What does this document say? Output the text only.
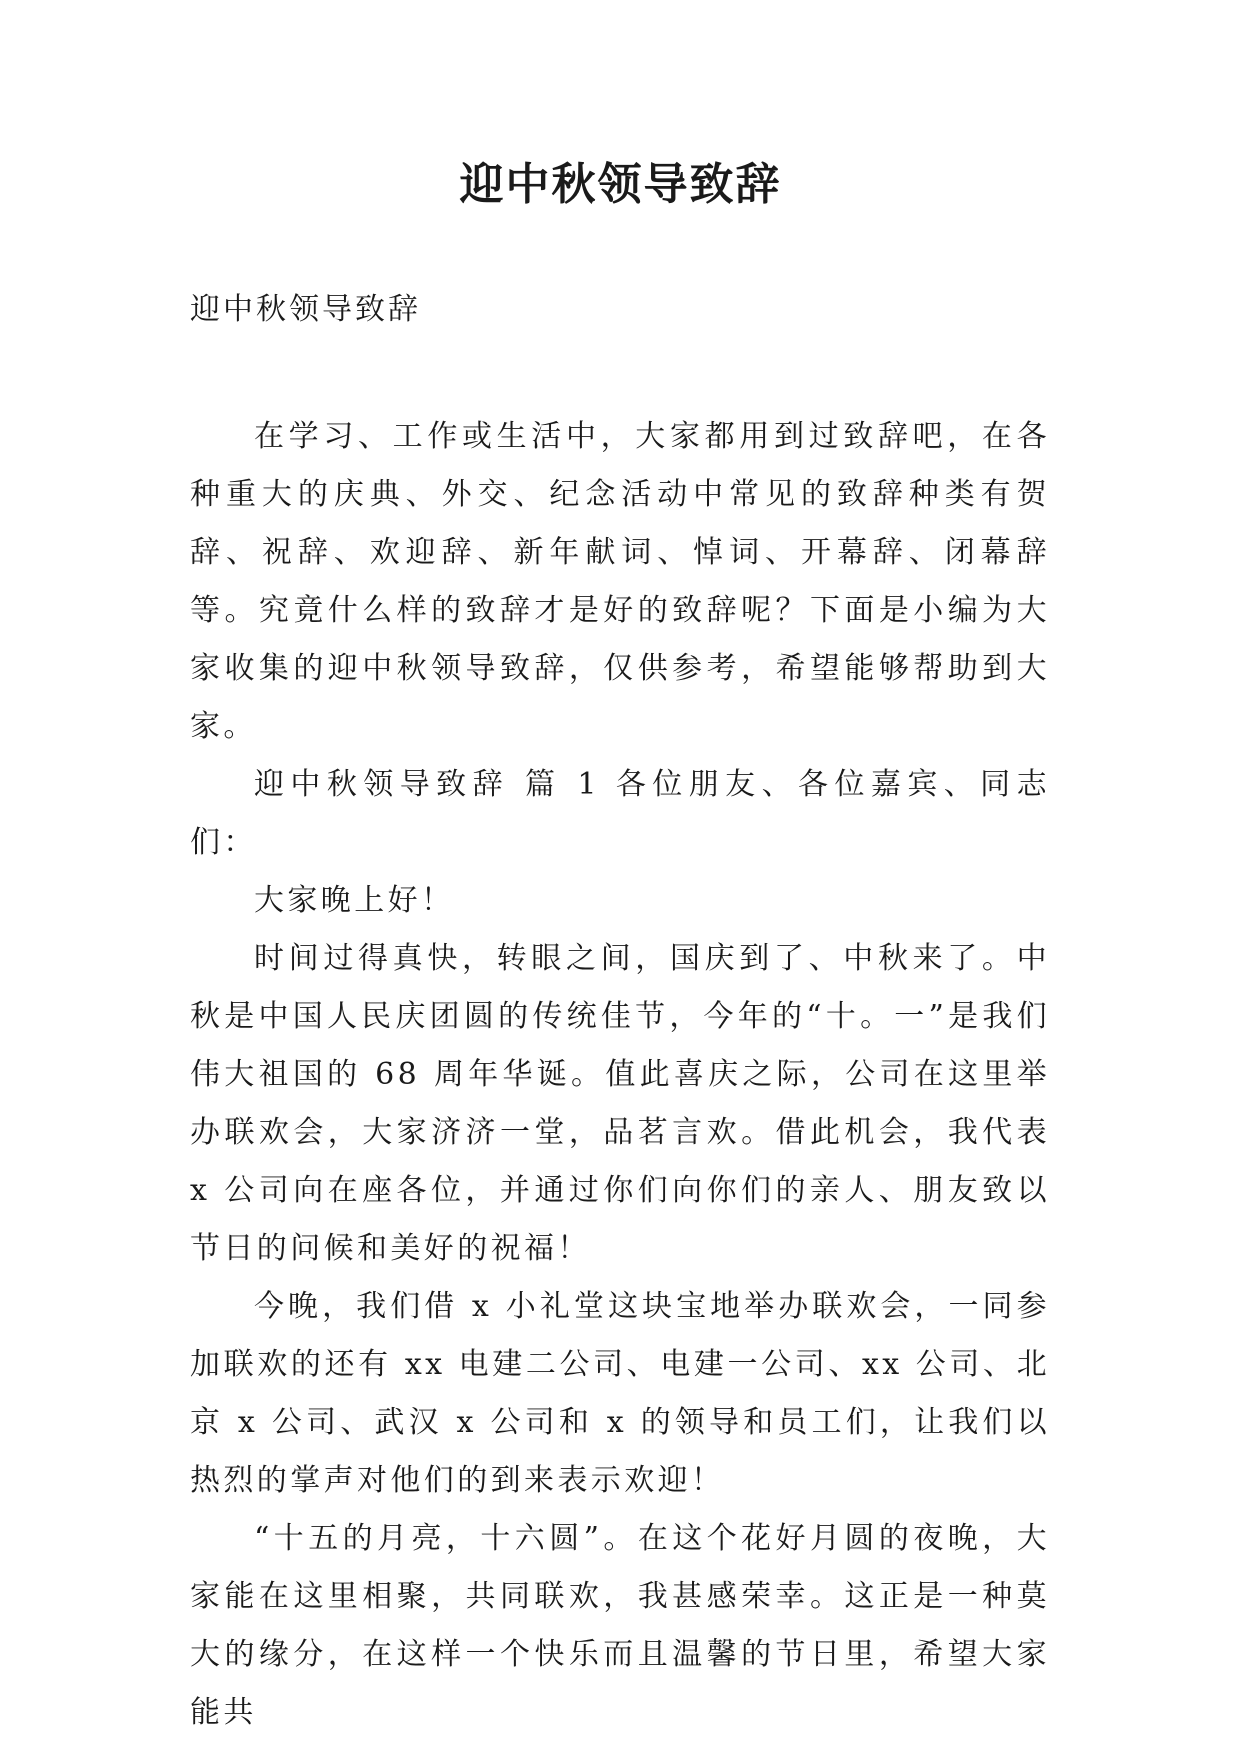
迎中秋领导致辞

迎中秋领导致辞

在学习、工作或生活中，大家都用到过致辞吧，在各种重大的庆典、外交、纪念活动中常见的致辞种类有贺辞、祝辞、欢迎辞、新年献词、悼词、开幕辞、闭幕辞等。究竟什么样的致辞才是好的致辞呢？下面是小编为大家收集的迎中秋领导致辞，仅供参考，希望能够帮助到大家。

迎中秋领导致辞 篇 1 各位朋友、各位嘉宾、同志们：

大家晚上好！

时间过得真快，转眼之间，国庆到了、中秋来了。中秋是中国人民庆团圆的传统佳节，今年的“十。一”是我们伟大祖国的 68 周年华诞。值此喜庆之际，公司在这里举办联欢会，大家济济一堂，品茗言欢。借此机会，我代表 x 公司向在座各位，并通过你们向你们的亲人、朋友致以节日的问候和美好的祝福！

今晚，我们借 x 小礼堂这块宝地举办联欢会，一同参加联欢的还有 xx 电建二公司、电建一公司、xx 公司、北京 x 公司、武汉 x 公司和 x 的领导和员工们，让我们以热烈的掌声对他们的到来表示欢迎！

“十五的月亮，十六圆”。在这个花好月圆的夜晚，大家能在这里相聚，共同联欢，我甚感荣幸。这正是一种莫大的缘分，在这样一个快乐而且温馨的节日里，希望大家能共
